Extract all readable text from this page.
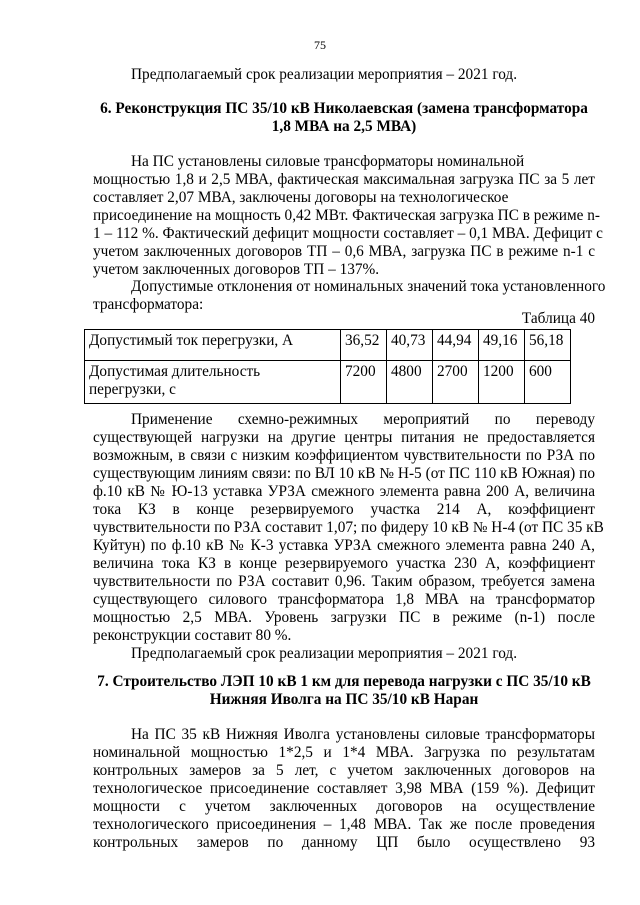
75
Предполагаемый срок реализации мероприятия – 2021 год.
6. Реконструкция ПС 35/10 кВ Николаевская (замена трансформатора
1,8 МВА на 2,5 МВА)
На ПС установлены силовые трансформаторы номинальной
мощностью 1,8 и 2,5 МВА, фактическая максимальная загрузка ПС за 5 лет
составляет 2,07 МВА, заключены договоры на технологическое
присоединение на мощность 0,42 МВт. Фактическая загрузка ПС в режиме n-
1 – 112 %. Фактический дефицит мощности составляет – 0,1 МВА. Дефицит с
учетом заключенных договоров ТП – 0,6 МВА, загрузка ПС в режиме n-1 с
учетом заключенных договоров ТП – 137%.
Допустимые отклонения от номинальных значений тока установленного
трансформатора:
Таблица 40
Допустимый ток перегрузки, А	36,52	40,73	44,94	49,16	56,18

Допустимая длительность
перегрузки, с	7200	4800	2700	1200	600
Применение схемно-режимных мероприятий по переводу
существующей нагрузки на другие центры питания не предоставляется
возможным, в связи с низким коэффициентом чувствительности по РЗА по
существующим линиям связи: по ВЛ 10 кВ № Н-5 (от ПС 110 кВ Южная) по
ф.10 кВ № Ю-13 уставка УРЗА смежного элемента равна 200 А, величина
тока КЗ в конце резервируемого участка 214 А, коэффициент
чувствительности по РЗА составит 1,07; по фидеру 10 кВ № Н-4 (от ПС 35 кВ
Куйтун) по ф.10 кВ № К-3 уставка УРЗА смежного элемента равна 240 А,
величина тока КЗ в конце резервируемого участка 230 А, коэффициент
чувствительности по РЗА составит 0,96. Таким образом, требуется замена
существующего силового трансформатора 1,8 МВА на трансформатор
мощностью 2,5 МВА. Уровень загрузки ПС в режиме (n-1) после
реконструкции составит 80 %.
Предполагаемый срок реализации мероприятия – 2021 год.
7. Строительство ЛЭП 10 кВ 1 км для перевода нагрузки с ПС 35/10 кВ
Нижняя Иволга на ПС 35/10 кВ Наран
На ПС 35 кВ Нижняя Иволга установлены силовые трансформаторы
номинальной мощностью 1*2,5 и 1*4 МВА. Загрузка по результатам
контрольных замеров за 5 лет, с учетом заключенных договоров на
технологическое присоединение составляет 3,98 МВА (159 %). Дефицит
мощности с учетом заключенных договоров на осуществление
технологического присоединения – 1,48 МВА. Так же после проведения
контрольных замеров по данному ЦП было осуществлено 93
